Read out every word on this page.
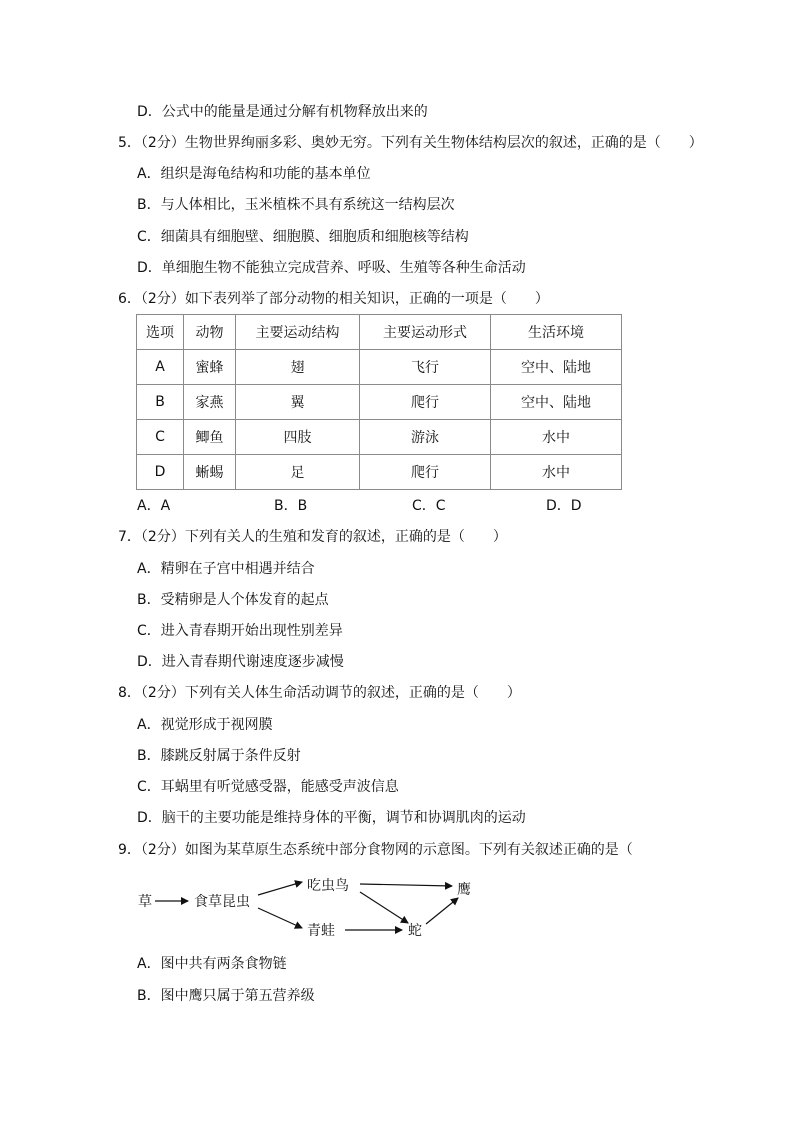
D．公式中的能量是通过分解有机物释放出来的
5．（2分）生物世界绚丽多彩、奥妙无穷。下列有关生物体结构层次的叙述，正确的是（　　）
A．组织是海龟结构和功能的基本单位
B．与人体相比，玉米植株不具有系统这一结构层次
C．细菌具有细胞壁、细胞膜、细胞质和细胞核等结构
D．单细胞生物不能独立完成营养、呼吸、生殖等各种生命活动
6．（2分）如下表列举了部分动物的相关知识，正确的一项是（　　）
选项	动物	主要运动结构	主要运动形式	生活环境
A	蜜蜂	翅	飞行	空中、陆地
B	家燕	翼	爬行	空中、陆地
C	鲫鱼	四肢	游泳	水中
D	蜥蜴	足	爬行	水中
A．A	B．B	C．C	D．D
7．（2分）下列有关人的生殖和发育的叙述，正确的是（　　）
A．精卵在子宫中相遇并结合
B．受精卵是人个体发育的起点
C．进入青春期开始出现性别差异
D．进入青春期代谢速度逐步减慢
8．（2分）下列有关人体生命活动调节的叙述，正确的是（　　）
A．视觉形成于视网膜
B．膝跳反射属于条件反射
C．耳蜗里有听觉感受器，能感受声波信息
D．脑干的主要功能是维持身体的平衡，调节和协调肌肉的运动
9．（2分）如图为某草原生态系统中部分食物网的示意图。下列有关叙述正确的是（
草	食草昆虫
吃虫鸟	鹰
青蛙	蛇
A．图中共有两条食物链
B．图中鹰只属于第五营养级
